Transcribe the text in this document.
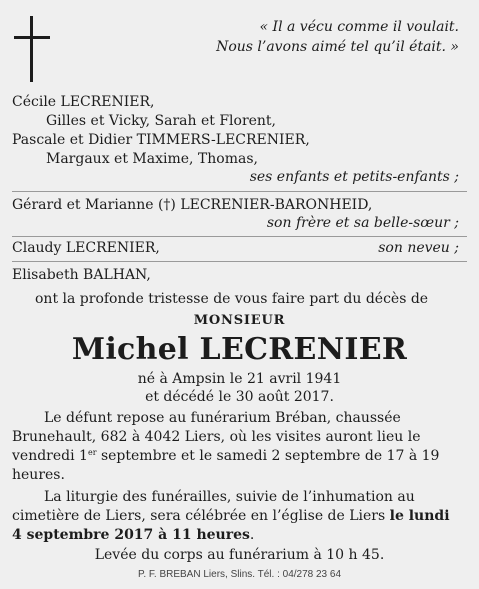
« Il a vécu comme il voulait.
Nous l’avons aimé tel qu’il était. »
Cécile LECRENIER,
Gilles et Vicky, Sarah et Florent,
Pascale et Didier TIMMERS-LECRENIER,
Margaux et Maxime, Thomas,
ses enfants et petits-enfants ;
Gérard et Marianne (†) LECRENIER-BARONHEID,
son frère et sa belle-sœur ;
Claudy LECRENIER,	son neveu ;
Elisabeth BALHAN,
ont la profonde tristesse de vous faire part du décès de
MONSIEUR
Michel LECRENIER
né à Ampsin le 21 avril 1941
et décédé le 30 août 2017.

Le défunt repose au funérarium Bréban, chaussée Brunehault, 682 à 4042 Liers, où les visites auront lieu le vendredi 1er septembre et le samedi 2 septembre de 17 à 19 heures.

La liturgie des funérailles, suivie de l’inhumation au cimetière de Liers, sera célébrée en l’église de Liers le lundi 4 septembre 2017 à 11 heures.

Levée du corps au funérarium à 10 h 45.
P. F. BREBAN Liers, Slins. Tél. : 04/278 23 64
